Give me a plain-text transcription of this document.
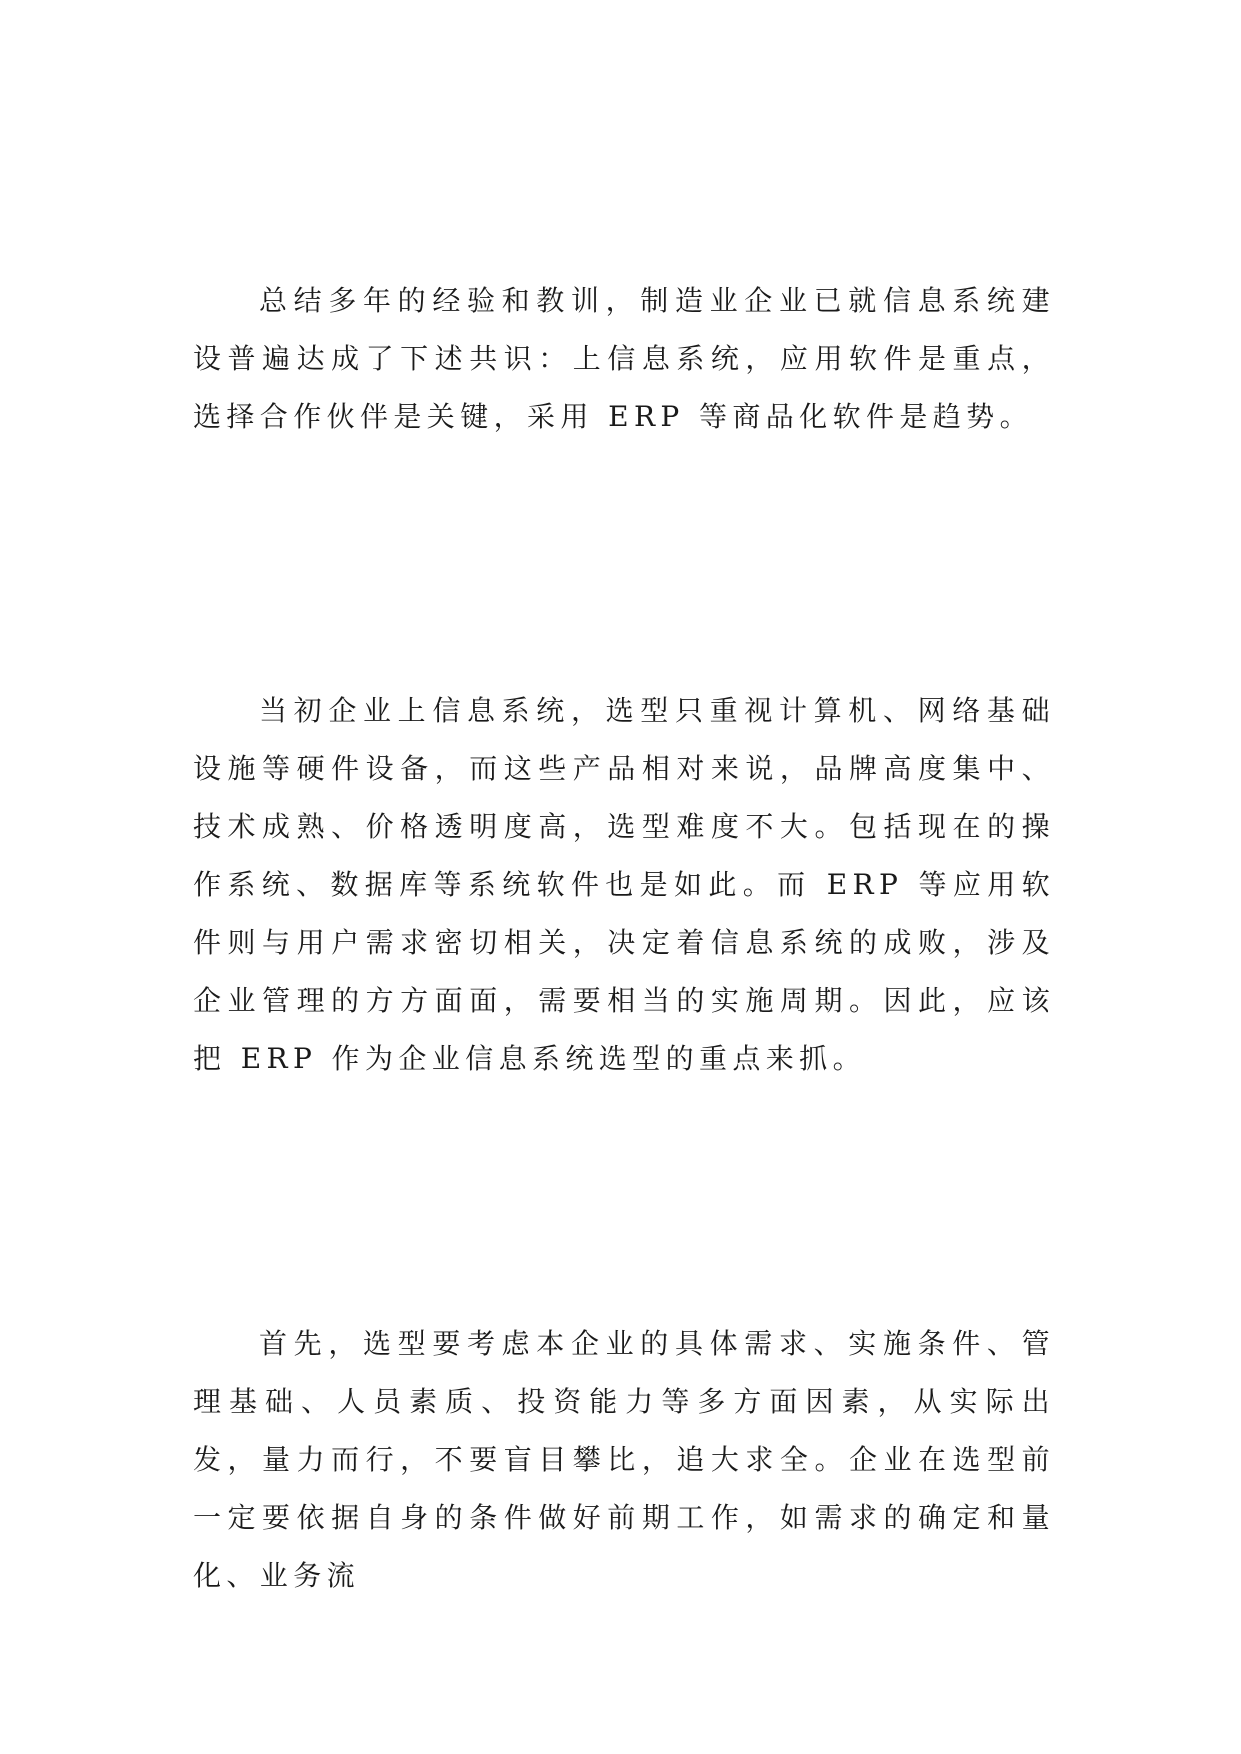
总结多年的经验和教训，制造业企业已就信息系统建设普遍达成了下述共识：上信息系统，应用软件是重点，选择合作伙伴是关键，采用 ERP 等商品化软件是趋势。

当初企业上信息系统，选型只重视计算机、网络基础设施等硬件设备，而这些产品相对来说，品牌高度集中、技术成熟、价格透明度高，选型难度不大。包括现在的操作系统、数据库等系统软件也是如此。而 ERP 等应用软件则与用户需求密切相关，决定着信息系统的成败，涉及企业管理的方方面面，需要相当的实施周期。因此，应该把 ERP 作为企业信息系统选型的重点来抓。

首先，选型要考虑本企业的具体需求、实施条件、管理基础、人员素质、投资能力等多方面因素，从实际出发，量力而行，不要盲目攀比，追大求全。企业在选型前一定要依据自身的条件做好前期工作，如需求的确定和量化、业务流
